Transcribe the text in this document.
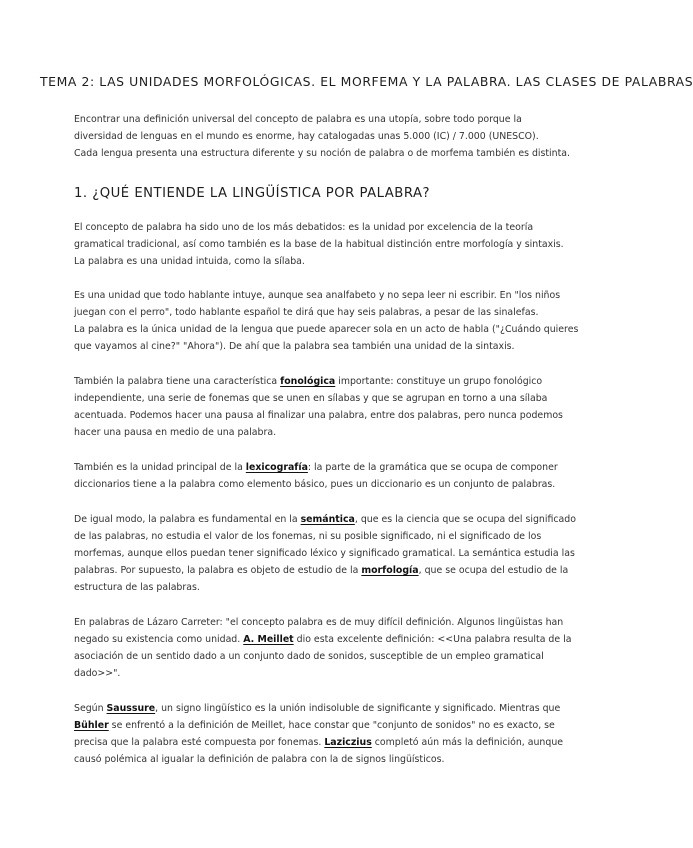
TEMA 2: LAS UNIDADES MORFOLÓGICAS. EL MORFEMA Y LA PALABRA. LAS CLASES DE PALABRAS
Encontrar una definición universal del concepto de palabra es una utopía, sobre todo porque la
diversidad de lenguas en el mundo es enorme, hay catalogadas unas 5.000 (IC) / 7.000 (UNESCO).
Cada lengua presenta una estructura diferente y su noción de palabra o de morfema también es distinta.
1. ¿QUÉ ENTIENDE LA LINGÜÍSTICA POR PALABRA?
El concepto de palabra ha sido uno de los más debatidos: es la unidad por excelencia de la teoría
gramatical tradicional, así como también es la base de la habitual distinción entre morfología y sintaxis.
La palabra es una unidad intuida, como la sílaba.
Es una unidad que todo hablante intuye, aunque sea analfabeto y no sepa leer ni escribir. En "los niños
juegan con el perro", todo hablante español te dirá que hay seis palabras, a pesar de las sinalefas.
La palabra es la única unidad de la lengua que puede aparecer sola en un acto de habla ("¿Cuándo quieres
que vayamos al cine?" "Ahora"). De ahí que la palabra sea también una unidad de la sintaxis.
También la palabra tiene una característica fonológica importante: constituye un grupo fonológico
independiente, una serie de fonemas que se unen en sílabas y que se agrupan en torno a una sílaba
acentuada. Podemos hacer una pausa al finalizar una palabra, entre dos palabras, pero nunca podemos
hacer una pausa en medio de una palabra.
También es la unidad principal de la lexicografía: la parte de la gramática que se ocupa de componer
diccionarios tiene a la palabra como elemento básico, pues un diccionario es un conjunto de palabras.
De igual modo, la palabra es fundamental en la semántica, que es la ciencia que se ocupa del significado
de las palabras, no estudia el valor de los fonemas, ni su posible significado, ni el significado de los
morfemas, aunque ellos puedan tener significado léxico y significado gramatical. La semántica estudia las
palabras. Por supuesto, la palabra es objeto de estudio de la morfología, que se ocupa del estudio de la
estructura de las palabras.
En palabras de Lázaro Carreter: "el concepto palabra es de muy difícil definición. Algunos lingüistas han
negado su existencia como unidad. A. Meillet dio esta excelente definición: <<Una palabra resulta de la
asociación de un sentido dado a un conjunto dado de sonidos, susceptible de un empleo gramatical
dado>>".
Según Saussure, un signo lingüístico es la unión indisoluble de significante y significado. Mientras que
Bühler se enfrentó a la definición de Meillet, hace constar que "conjunto de sonidos" no es exacto, se
precisa que la palabra esté compuesta por fonemas. Laziczius completó aún más la definición, aunque
causó polémica al igualar la definición de palabra con la de signos lingüísticos.
